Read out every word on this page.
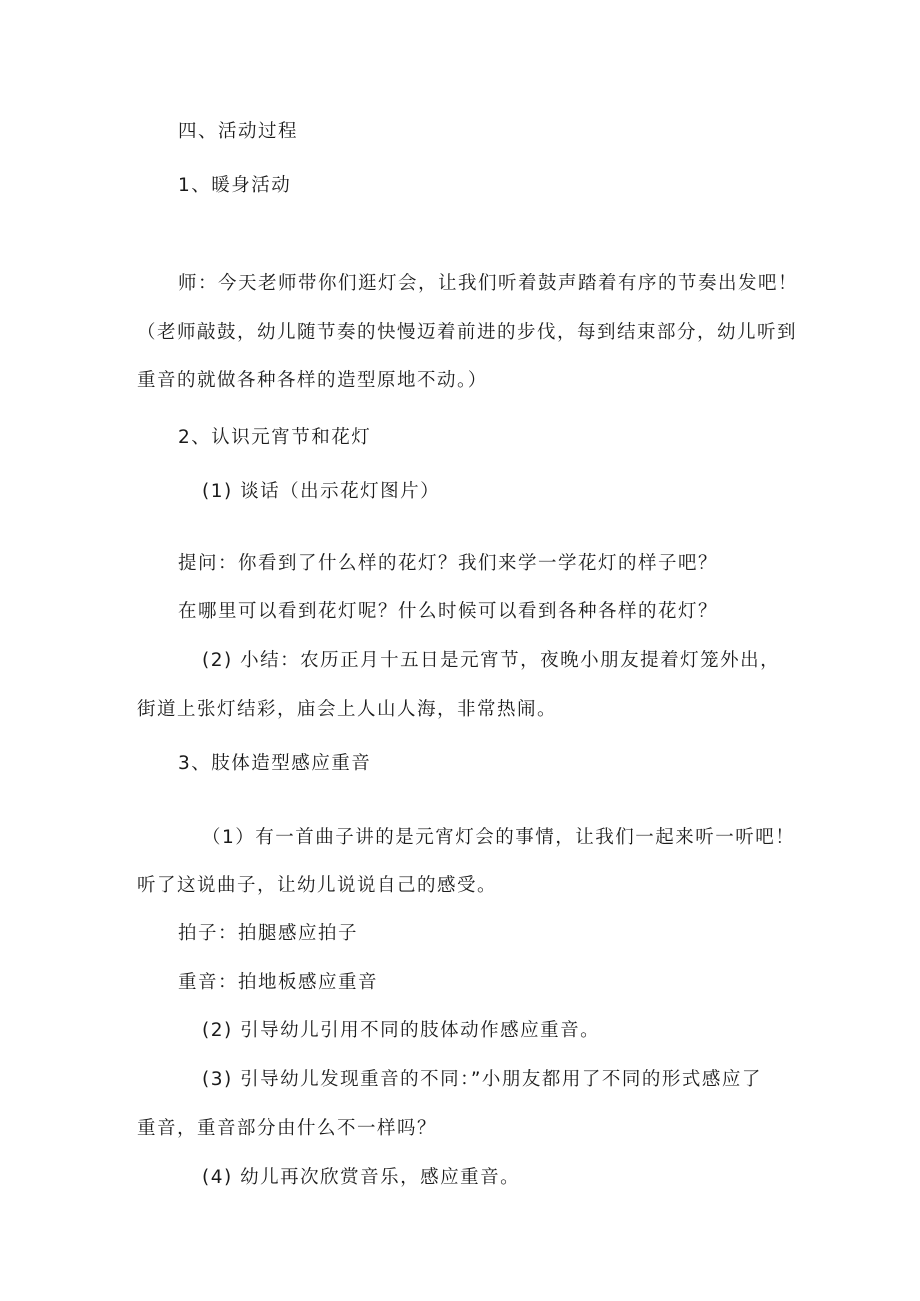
四、活动过程
1、暖身活动
师：今天老师带你们逛灯会，让我们听着鼓声踏着有序的节奏出发吧！
（老师敲鼓，幼儿随节奏的快慢迈着前进的步伐，每到结束部分，幼儿听到
重音的就做各种各样的造型原地不动。）
2、认识元宵节和花灯
(1) 谈话（出示花灯图片）
提问：你看到了什么样的花灯？我们来学一学花灯的样子吧？
在哪里可以看到花灯呢？什么时候可以看到各种各样的花灯？
(2) 小结：农历正月十五日是元宵节，夜晚小朋友提着灯笼外出，
街道上张灯结彩，庙会上人山人海，非常热闹。
3、肢体造型感应重音
（1）有一首曲子讲的是元宵灯会的事情，让我们一起来听一听吧！
听了这说曲子，让幼儿说说自己的感受。
拍子：拍腿感应拍子
重音：拍地板感应重音
(2) 引导幼儿引用不同的肢体动作感应重音。
(3) 引导幼儿发现重音的不同：”小朋友都用了不同的形式感应了
重音，重音部分由什么不一样吗？
(4) 幼儿再次欣赏音乐，感应重音。
